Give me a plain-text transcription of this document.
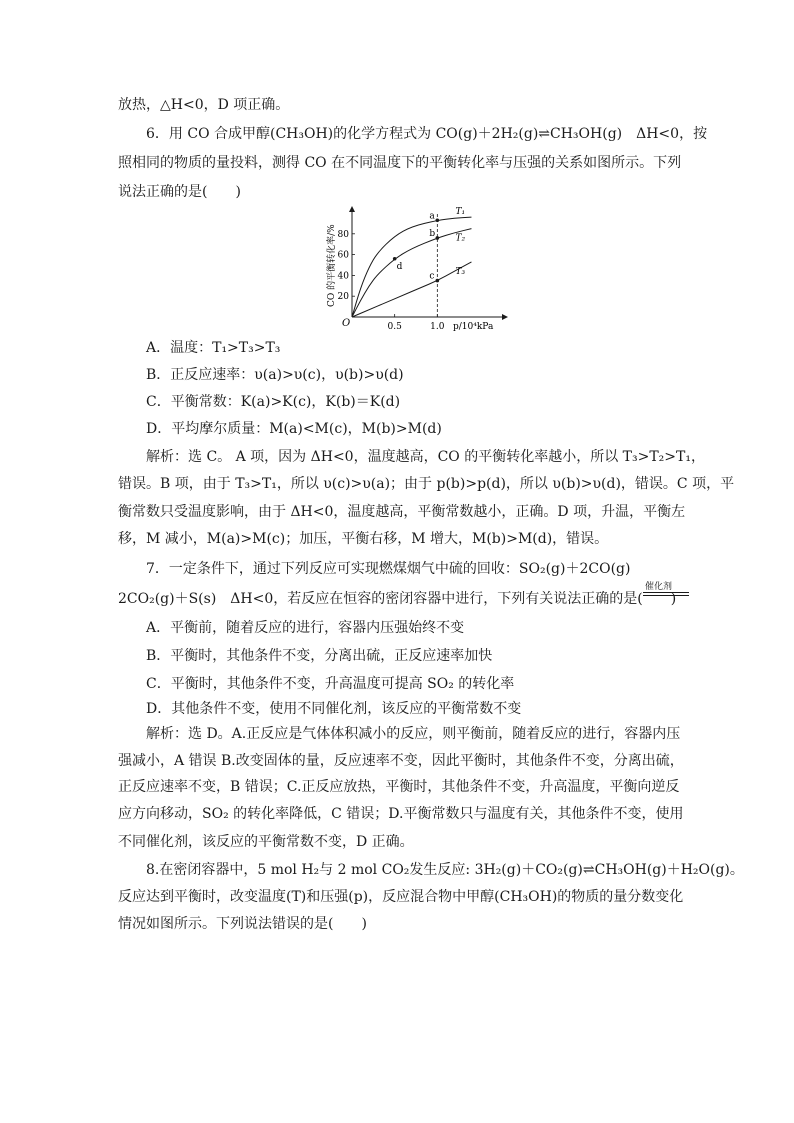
放热，△H<0，D 项正确。
6．用 CO 合成甲醇(CH₃OH)的化学方程式为 CO(g)＋2H₂(g)⇌CH₃OH(g)　ΔH<0，按
照相同的物质的量投料，测得 CO 在不同温度下的平衡转化率与压强的关系如图所示。下列
说法正确的是(　　)
O	p/10⁴kPa
CO 的平衡转化率/% 20
40
60
80
0.5	1.0
T₁
T₂
T₃
a
b
c
d
A．温度：T₁>T₃>T₃
B．正反应速率：υ(a)>υ(c)，υ(b)>υ(d)
C．平衡常数：K(a)>K(c)，K(b)＝K(d)
D．平均摩尔质量：M(a)<M(c)，M(b)>M(d)
解析：选 C。 A 项，因为 ΔH<0，温度越高，CO 的平衡转化率越小，所以 T₃>T₂>T₁，
错误。B 项，由于 T₃>T₁，所以 υ(c)>υ(a)；由于 p(b)>p(d)，所以 υ(b)>υ(d)，错误。C 项，平
衡常数只受温度影响，由于 ΔH<0，温度越高，平衡常数越小，正确。D 项，升温，平衡左
移，M 减小，M(a)>M(c)；加压，平衡右移，M 增大，M(b)>M(d)，错误。
7．一定条件下，通过下列反应可实现燃煤烟气中硫的回收：SO₂(g)＋2CO(g)
催化剂
2CO₂(g)＋S(s)　ΔH<0，若反应在恒容的密闭容器中进行，下列有关说法正确的是(　　)
A．平衡前，随着反应的进行，容器内压强始终不变
B．平衡时，其他条件不变，分离出硫，正反应速率加快
C．平衡时，其他条件不变，升高温度可提高 SO₂ 的转化率
D．其他条件不变，使用不同催化剂，该反应的平衡常数不变
解析：选 D。A.正反应是气体体积减小的反应，则平衡前，随着反应的进行，容器内压
强减小，A 错误 B.改变固体的量，反应速率不变，因此平衡时，其他条件不变，分离出硫，
正反应速率不变，B 错误；C.正反应放热，平衡时，其他条件不变，升高温度，平衡向逆反
应方向移动，SO₂ 的转化率降低，C 错误；D.平衡常数只与温度有关，其他条件不变，使用
不同催化剂，该反应的平衡常数不变，D 正确。
8.在密闭容器中，5 mol H₂与 2 mol CO₂发生反应: 3H₂(g)＋CO₂(g)⇌CH₃OH(g)＋H₂O(g)。
反应达到平衡时，改变温度(T)和压强(p)，反应混合物中甲醇(CH₃OH)的物质的量分数变化
情况如图所示。下列说法错误的是(　　)
